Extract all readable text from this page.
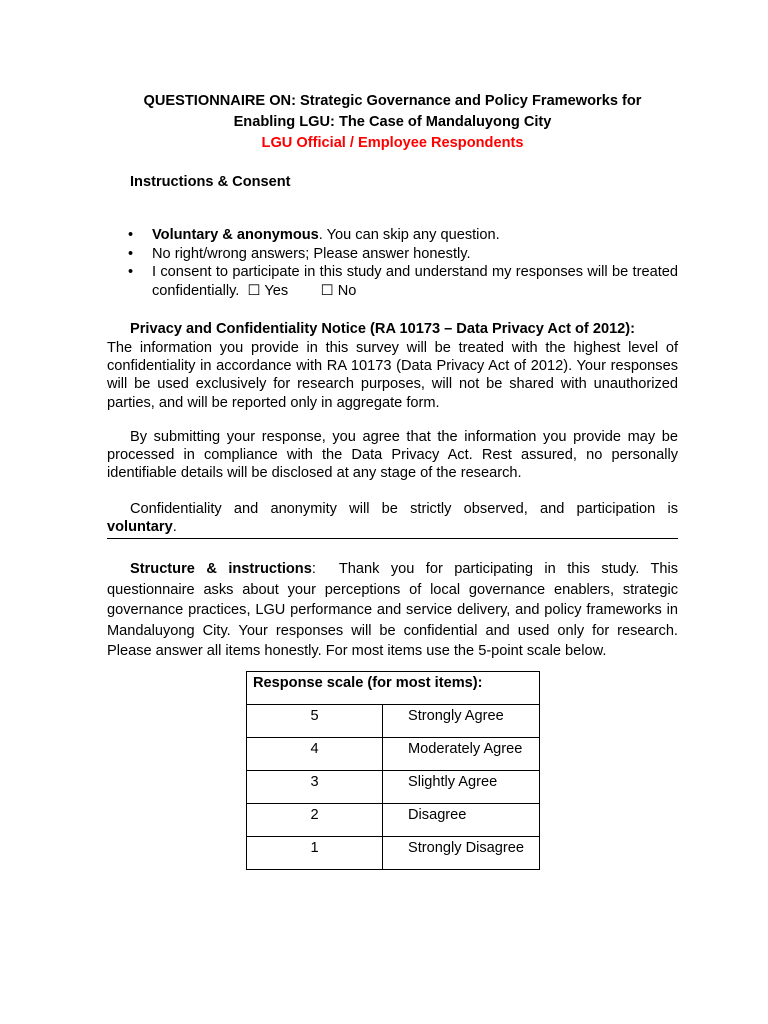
QUESTIONNAIRE ON: Strategic Governance and Policy Frameworks for

Enabling LGU: The Case of Mandaluyong City

LGU Official / Employee Respondents

Instructions & Consent

• Voluntary & anonymous. You can skip any question.
• No right/wrong answers; Please answer honestly.
• I consent to participate in this study and understand my responses will be treated confidentially. ☐ Yes ☐ No

Privacy and Confidentiality Notice (RA 10173 – Data Privacy Act of 2012):

The information you provide in this survey will be treated with the highest level of confidentiality in accordance with RA 10173 (Data Privacy Act of 2012). Your responses will be used exclusively for research purposes, will not be shared with unauthorized parties, and will be reported only in aggregate form.

By submitting your response, you agree that the information you provide may be processed in compliance with the Data Privacy Act. Rest assured, no personally identifiable details will be disclosed at any stage of the research.

Confidentiality and anonymity will be strictly observed, and participation is voluntary.

Structure & instructions: Thank you for participating in this study. This questionnaire asks about your perceptions of local governance enablers, strategic governance practices, LGU performance and service delivery, and policy frameworks in Mandaluyong City. Your responses will be confidential and used only for research. Please answer all items honestly. For most items use the 5-point scale below.

Response scale (for most items):	
5	Strongly Agree
4	Moderately Agree
3	Slightly Agree
2	Disagree
1	Strongly Disagree
